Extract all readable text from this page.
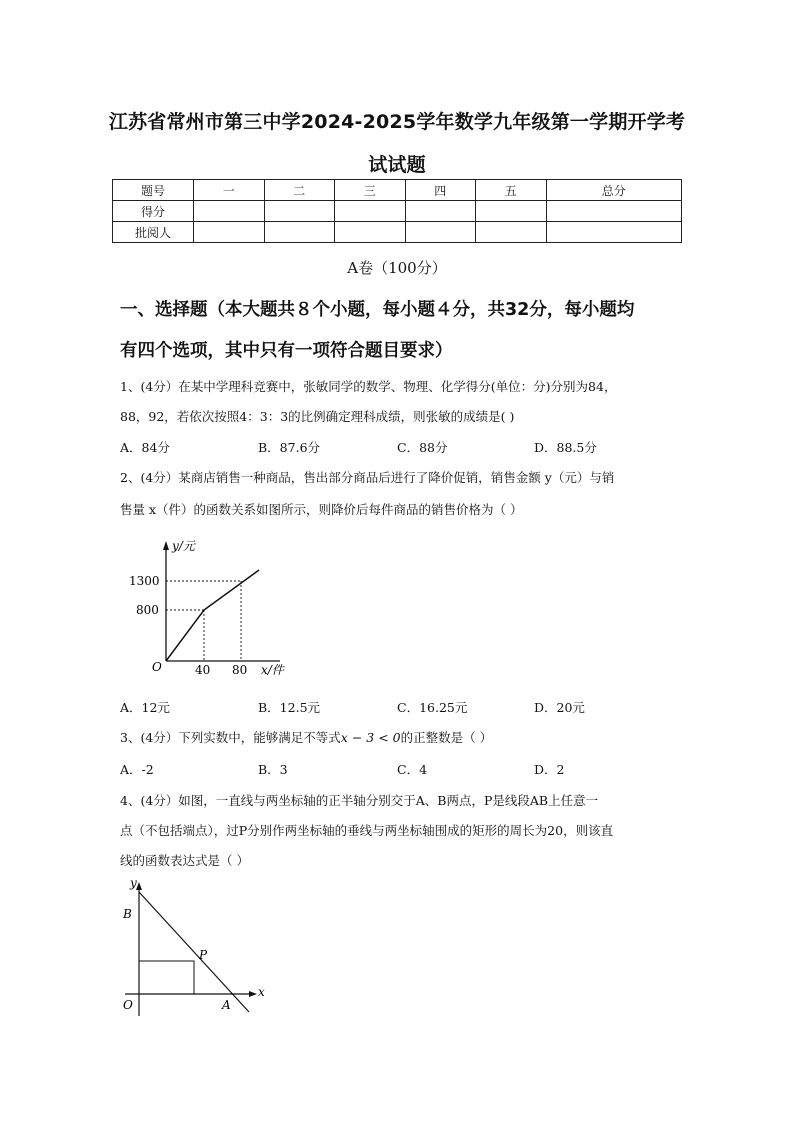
江苏省常州市第三中学2024-2025学年数学九年级第一学期开学考
试试题
题号	一	二	三	四	五	总分
得分						
批阅人						
A卷（100分）
一、选择题（本大题共８个小题，每小题４分，共32分，每小题均
有四个选项，其中只有一项符合题目要求）
1、(4分）在某中学理科竞赛中，张敏同学的数学、物理、化学得分(单位：分)分别为84，
88，92，若依次按照4：3：3的比例确定理科成绩，则张敏的成绩是( )
A．84分	B．87.6分	C．88分	D．88.5分
2、(4分）某商店销售一种商品，售出部分商品后进行了降价促销，销售金额 y（元）与销
售量 x（件）的函数关系如图所示，则降价后每件商品的销售价格为（ ）
y/元
x/件
O
1300
800
40 80
A．12元	B．12.5元	C．16.25元	D．20元
3、(4分）下列实数中，能够满足不等式x − 3 < 0的正整数是（ ）
A．-2	B．3	C．4	D．2
4、(4分）如图，一直线与两坐标轴的正半轴分别交于A、B两点，P是线段AB上任意一
点（不包括端点），过P分别作两坐标轴的垂线与两坐标轴围成的矩形的周长为20，则该直
线的函数表达式是（ ）
y
x
O
B
A
P
